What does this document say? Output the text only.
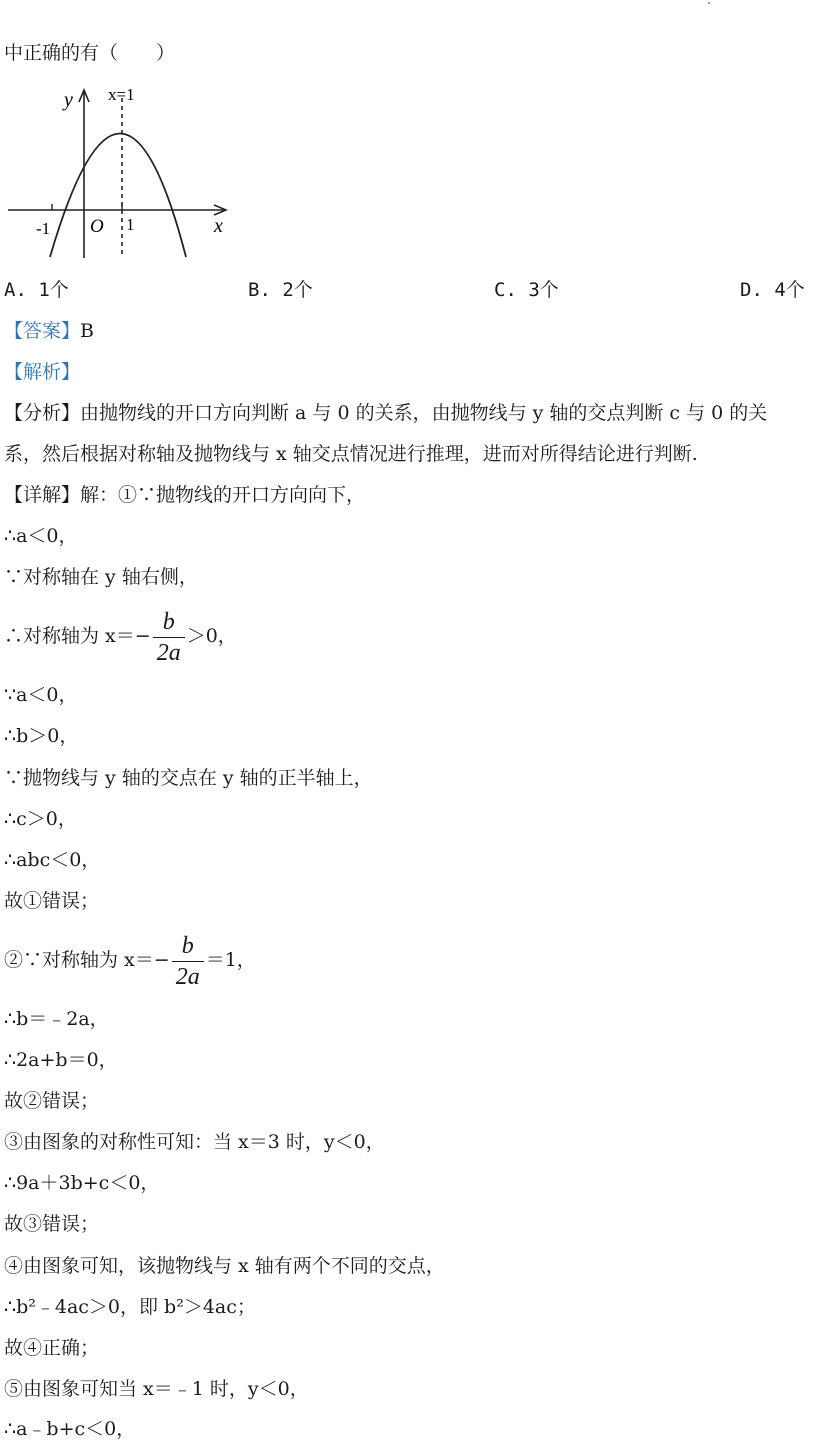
中正确的有（　　）
y x=1
x
O
-1	1
A. 1个	B. 2个	C. 3个	D. 4个
【答案】B
【解析】
【分析】由抛物线的开口方向判断 a 与 0 的关系，由抛物线与 y 轴的交点判断 c 与 0 的关
系，然后根据对称轴及抛物线与 x 轴交点情况进行推理，进而对所得结论进行判断.
【详解】解：①∵抛物线的开口方向向下，
∴a＜0，
∵对称轴在 y 轴右侧，
∴对称轴为 $x=- \frac{b}{2a} >0$，
∵a＜0，
∴b＞0，
∵抛物线与 y 轴的交点在 y 轴的正半轴上，
∴c＞0，
∴abc＜0，
故①错误；
②∵对称轴为 $x=- \frac{b}{2a} =1$，
∴b＝﹣2a，
∴2a+b＝0，
故②错误；
③由图象的对称性可知：当 x＝3 时，y＜0，
∴9a＋3b+c＜0，
故③错误；
④由图象可知，该抛物线与 x 轴有两个不同的交点，
∴b²﹣4ac＞0，即 b²＞4ac；
故④正确；
⑤由图象可知当 x＝﹣1 时，y＜0，
∴a﹣b+c＜0，
